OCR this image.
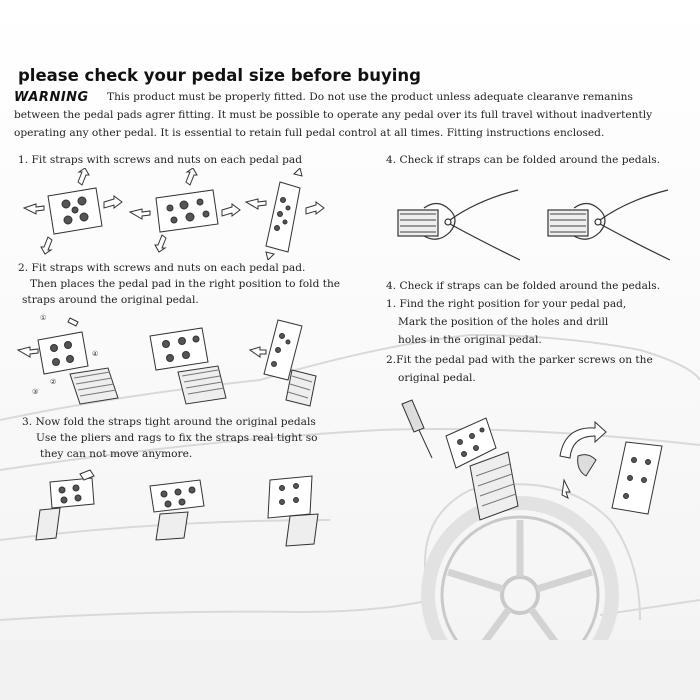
please check your pedal size before buying
WARNING This product must be properly fitted. Do not use the product unless adequate clearanve remanins
between the pedal pads agrer fitting. It must be possible to operate any pedal over its full travel without inadvertently
operating any other pedal. It is essential to retain full pedal control at all times. Fitting instructions enclosed.
1. Fit straps with screws and nuts on each pedal pad
2. Fit straps with screws and nuts on each pedal pad.
Then places the pedal pad in the right position to fold the
straps around the original pedal.
①
②
③
④
3. Now fold the straps tight around the original pedals
Use the pliers and rags to fix the straps real tight so
they can not move anymore.
4. Check if straps can be folded around the pedals.
4. Check if straps can be folded around the pedals.
1. Find the right position for your pedal pad,
Mark the position of the holes and drill
holes in the original pedal.
2.Fit the pedal pad with the parker screws on the
original pedal.
